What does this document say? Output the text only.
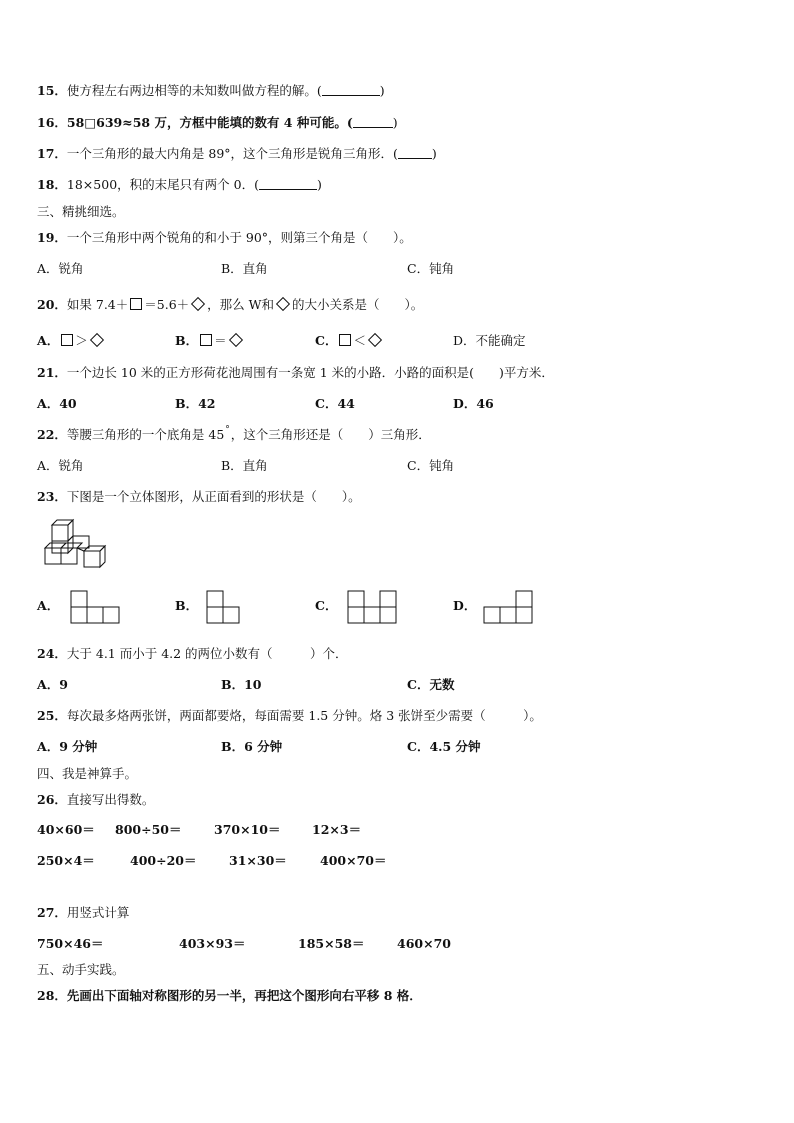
15．使方程左右两边相等的未知数叫做方程的解。(	)
16．58□639≈58 万，方框中能填的数有 4 种可能。(	)
17．一个三角形的最大内角是 89°，这个三角形是锐角三角形．(	)
18．18×500，积的末尾只有两个 0．(	)
三、精挑细选。
19．一个三角形中两个锐角的和小于 90°，则第三个角是（　　）。
A．锐角	B．直角	C．钝角
20．如果 7.4＋ ＝5.6＋ ，那么 W和 的大小关系是（　　）。
A． ＞	B． ＝	C． ＜	D．不能确定
21．一个边长 10 米的正方形荷花池周围有一条宽 1 米的小路．小路的面积是(　　)平方米．
A．40	B．42	C．44	D．46
22．等腰三角形的一个底角是 45°，这个三角形还是（　　）三角形．
A．锐角	B．直角	C．钝角
23．下图是一个立体图形，从正面看到的形状是（　　）。
A．	B．	C．	D．
24．大于 4.1 而小于 4.2 的两位小数有（　　　）个．
A．9	B．10	C．无数
25．每次最多烙两张饼，两面都要烙，每面需要 1.5 分钟。烙 3 张饼至少需要（　　　）。
A．9 分钟	B．6 分钟	C．4.5 分钟
四、我是神算手。
26．直接写出得数。
40×60＝ 800÷50＝	370×10＝	12×3＝
250×4＝	400÷20＝	31×30＝	400×70＝
27．用竖式计算
750×46＝	403×93＝	185×58＝	460×70
五、动手实践。
28．先画出下面轴对称图形的另一半，再把这个图形向右平移 8 格．
